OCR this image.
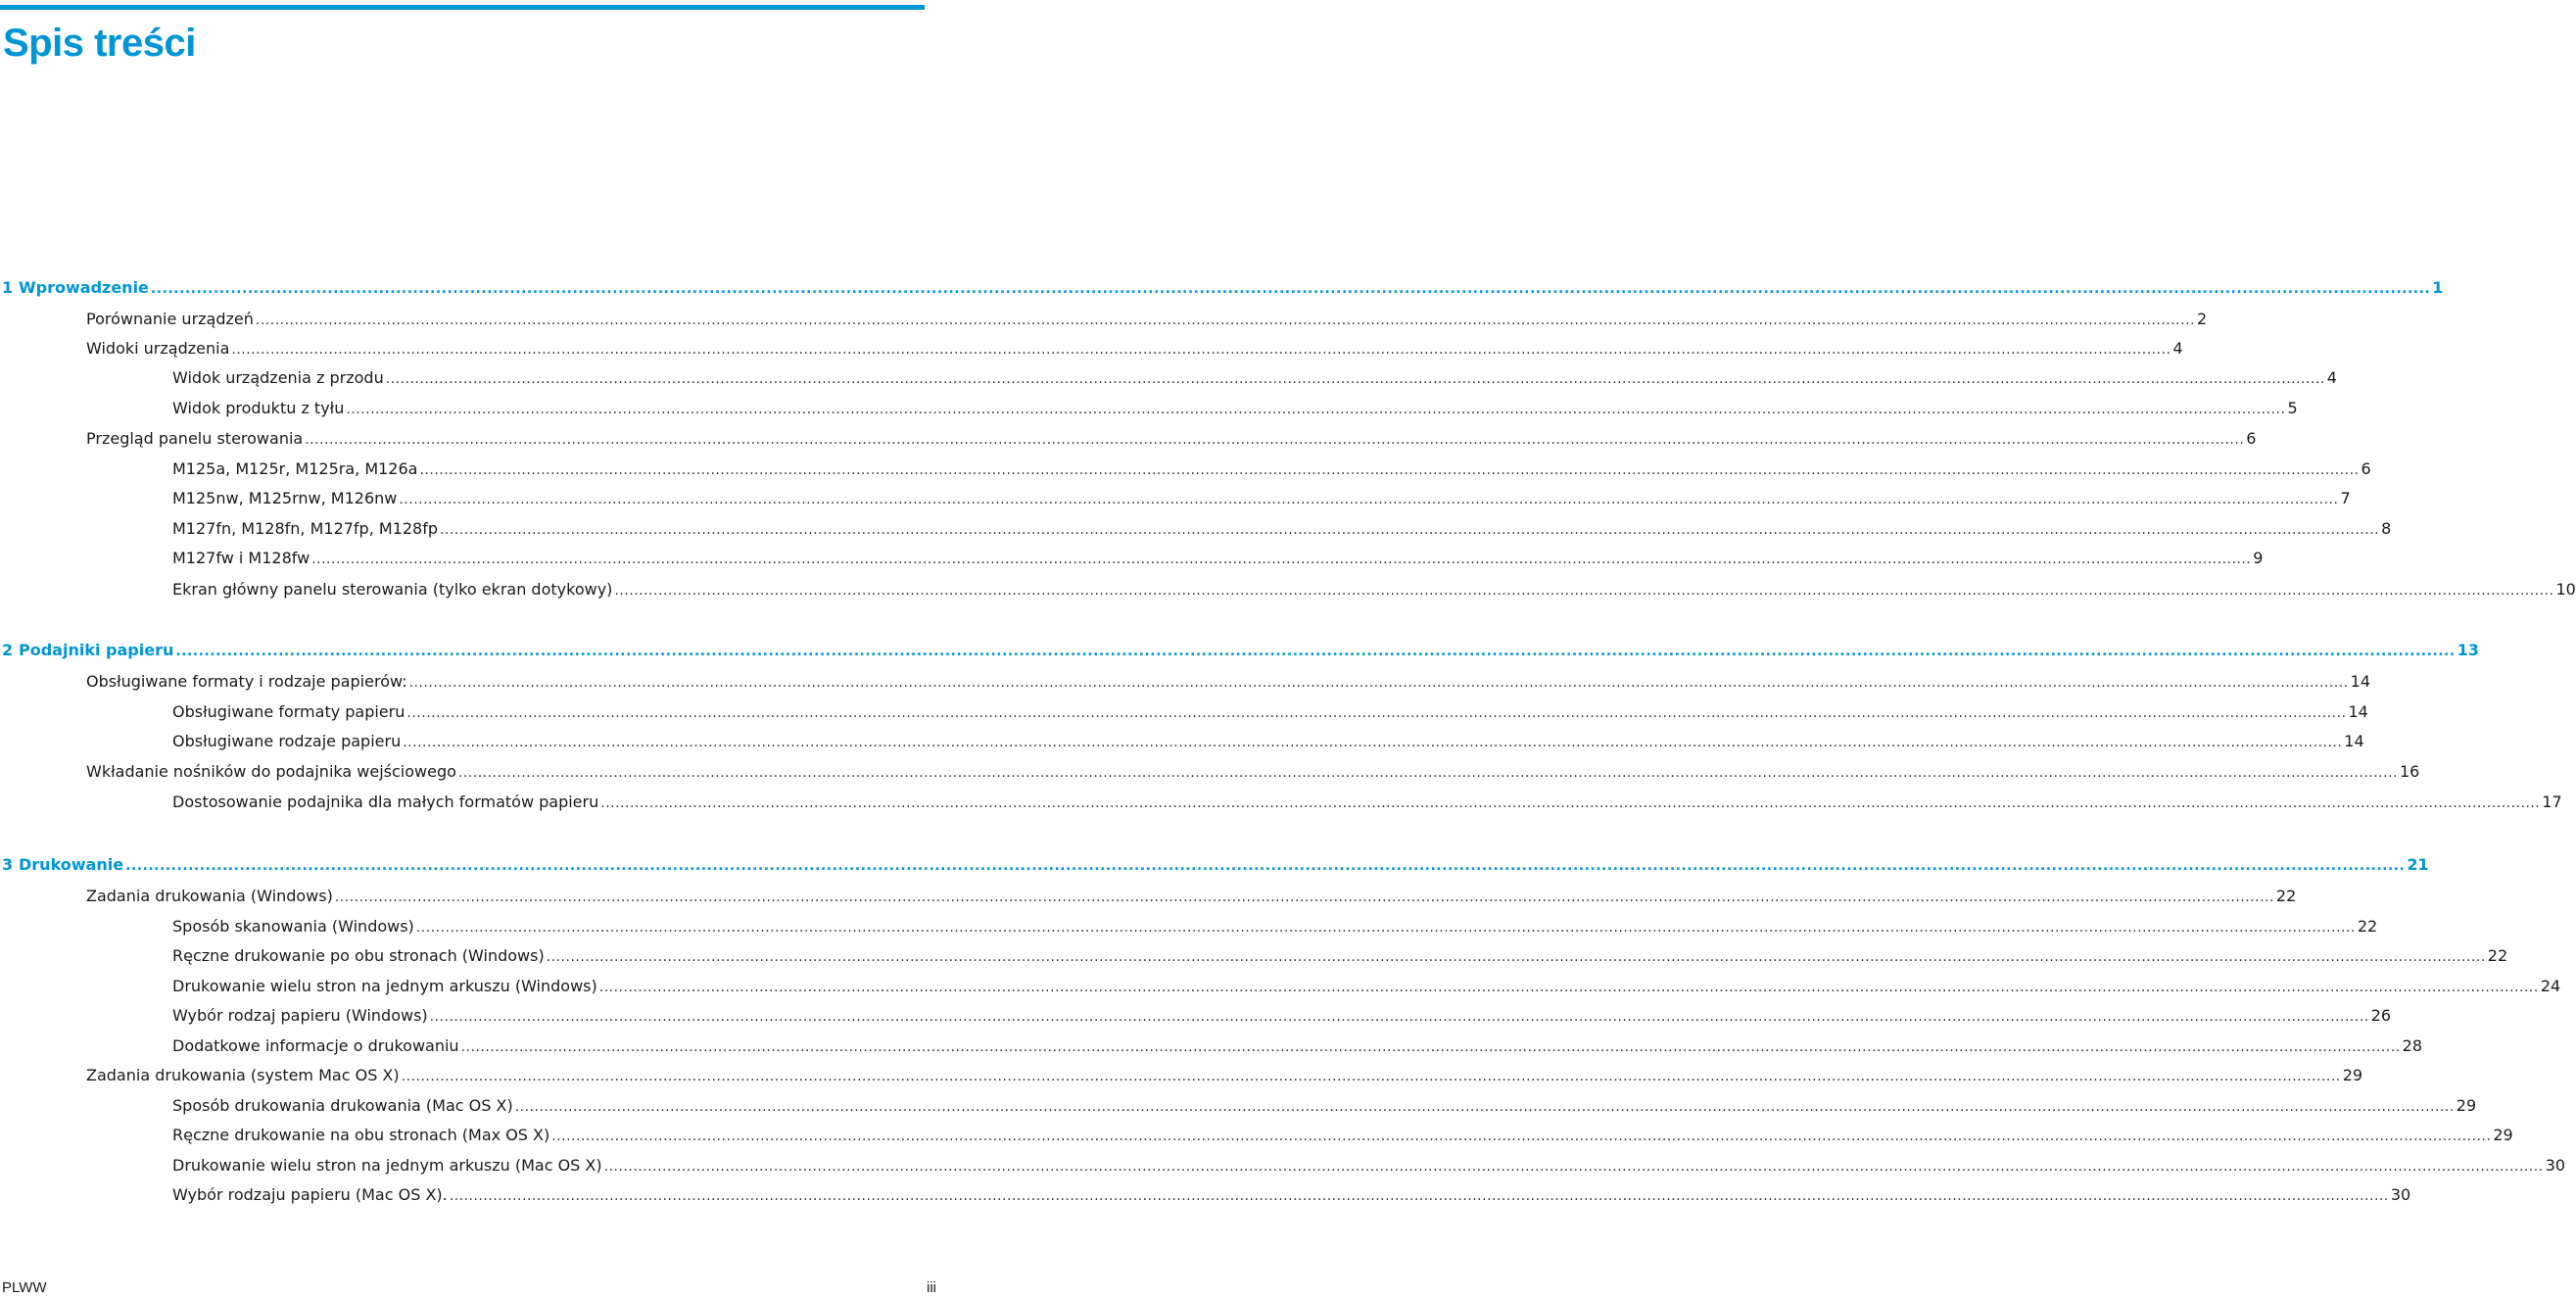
Spis treści
1 Wprowadzenie ................................................................................................................................................................................................................................................................................................................................................................................................................ 1
Porównanie urządzeń ................................................................................................................................................................................................................................................................................................................................................................................................................ 2
Widoki urządzenia ................................................................................................................................................................................................................................................................................................................................................................................................................ 4
Widok urządzenia z przodu ................................................................................................................................................................................................................................................................................................................................................................................................................ 4
Widok produktu z tyłu ................................................................................................................................................................................................................................................................................................................................................................................................................ 5
Przegląd panelu sterowania ................................................................................................................................................................................................................................................................................................................................................................................................................ 6
M125a, M125r, M125ra, M126a ................................................................................................................................................................................................................................................................................................................................................................................................................ 6
M125nw, M125rnw, M126nw ................................................................................................................................................................................................................................................................................................................................................................................................................ 7
M127fn, M128fn, M127fp, M128fp ................................................................................................................................................................................................................................................................................................................................................................................................................ 8
M127fw i M128fw ................................................................................................................................................................................................................................................................................................................................................................................................................ 9
Ekran główny panelu sterowania (tylko ekran dotykowy) ................................................................................................................................................................................................................................................................................................................................................................................................................ 10
2 Podajniki papieru ................................................................................................................................................................................................................................................................................................................................................................................................................ 13
Obsługiwane formaty i rodzaje papierów: ................................................................................................................................................................................................................................................................................................................................................................................................................ 14
Obsługiwane formaty papieru ................................................................................................................................................................................................................................................................................................................................................................................................................ 14
Obsługiwane rodzaje papieru ................................................................................................................................................................................................................................................................................................................................................................................................................ 14
Wkładanie nośników do podajnika wejściowego ................................................................................................................................................................................................................................................................................................................................................................................................................ 16
Dostosowanie podajnika dla małych formatów papieru ................................................................................................................................................................................................................................................................................................................................................................................................................ 17
3 Drukowanie ................................................................................................................................................................................................................................................................................................................................................................................................................ 21
Zadania drukowania (Windows) ................................................................................................................................................................................................................................................................................................................................................................................................................ 22
Sposób skanowania (Windows) ................................................................................................................................................................................................................................................................................................................................................................................................................ 22
Ręczne drukowanie po obu stronach (Windows) ................................................................................................................................................................................................................................................................................................................................................................................................................ 22
Drukowanie wielu stron na jednym arkuszu (Windows) ................................................................................................................................................................................................................................................................................................................................................................................................................ 24
Wybór rodzaj papieru (Windows) ................................................................................................................................................................................................................................................................................................................................................................................................................ 26
Dodatkowe informacje o drukowaniu ................................................................................................................................................................................................................................................................................................................................................................................................................ 28
Zadania drukowania (system Mac OS X) ................................................................................................................................................................................................................................................................................................................................................................................................................ 29
Sposób drukowania drukowania (Mac OS X) ................................................................................................................................................................................................................................................................................................................................................................................................................ 29
Ręczne drukowanie na obu stronach (Max OS X) ................................................................................................................................................................................................................................................................................................................................................................................................................ 29
Drukowanie wielu stron na jednym arkuszu (Mac OS X) ................................................................................................................................................................................................................................................................................................................................................................................................................ 30
Wybór rodzaju papieru (Mac OS X). ................................................................................................................................................................................................................................................................................................................................................................................................................ 30
PLWW	iii
